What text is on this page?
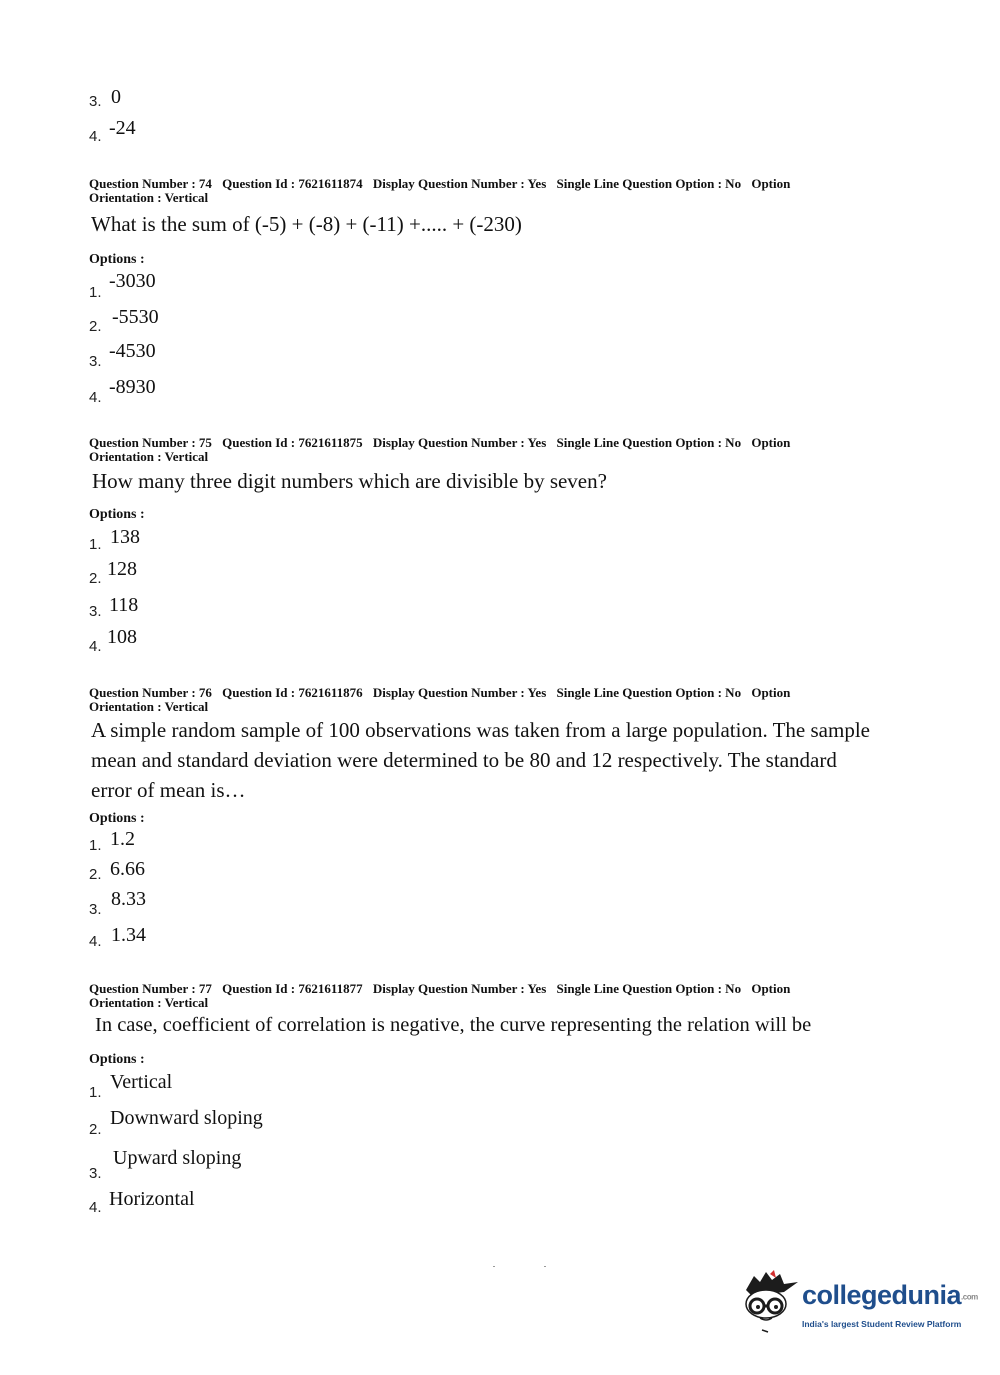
3. 0
4. -24
Question Number : 74 Question Id : 7621611874 Display Question Number : Yes Single Line Question Option : No Option
Orientation : Vertical
What is the sum of (-5) + (-8) + (-11) +..... + (-230)
Options :
1.
-3030
2. -5530
3. -4530
4. -8930
Question Number : 75 Question Id : 7621611875 Display Question Number : Yes Single Line Question Option : No Option
Orientation : Vertical
How many three digit numbers which are divisible by seven?
Options :
1. 138
2. 128
3. 118
4. 108
Question Number : 76 Question Id : 7621611876 Display Question Number : Yes Single Line Question Option : No Option
Orientation : Vertical
A simple random sample of 100 observations was taken from a large population. The sample mean and standard deviation were determined to be 80 and 12 respectively. The standard error of mean is…
Options :
1. 1.2
2. 6.66
3. 8.33
4. 1.34
Question Number : 77 Question Id : 7621611877 Display Question Number : Yes Single Line Question Option : No Option
Orientation : Vertical
In case, coefficient of correlation is negative, the curve representing the relation will be
Options :
1. Vertical
2.
Downward sloping
3.
Upward sloping
4. Horizontal
collegedunia.com
India's largest Student Review Platform
